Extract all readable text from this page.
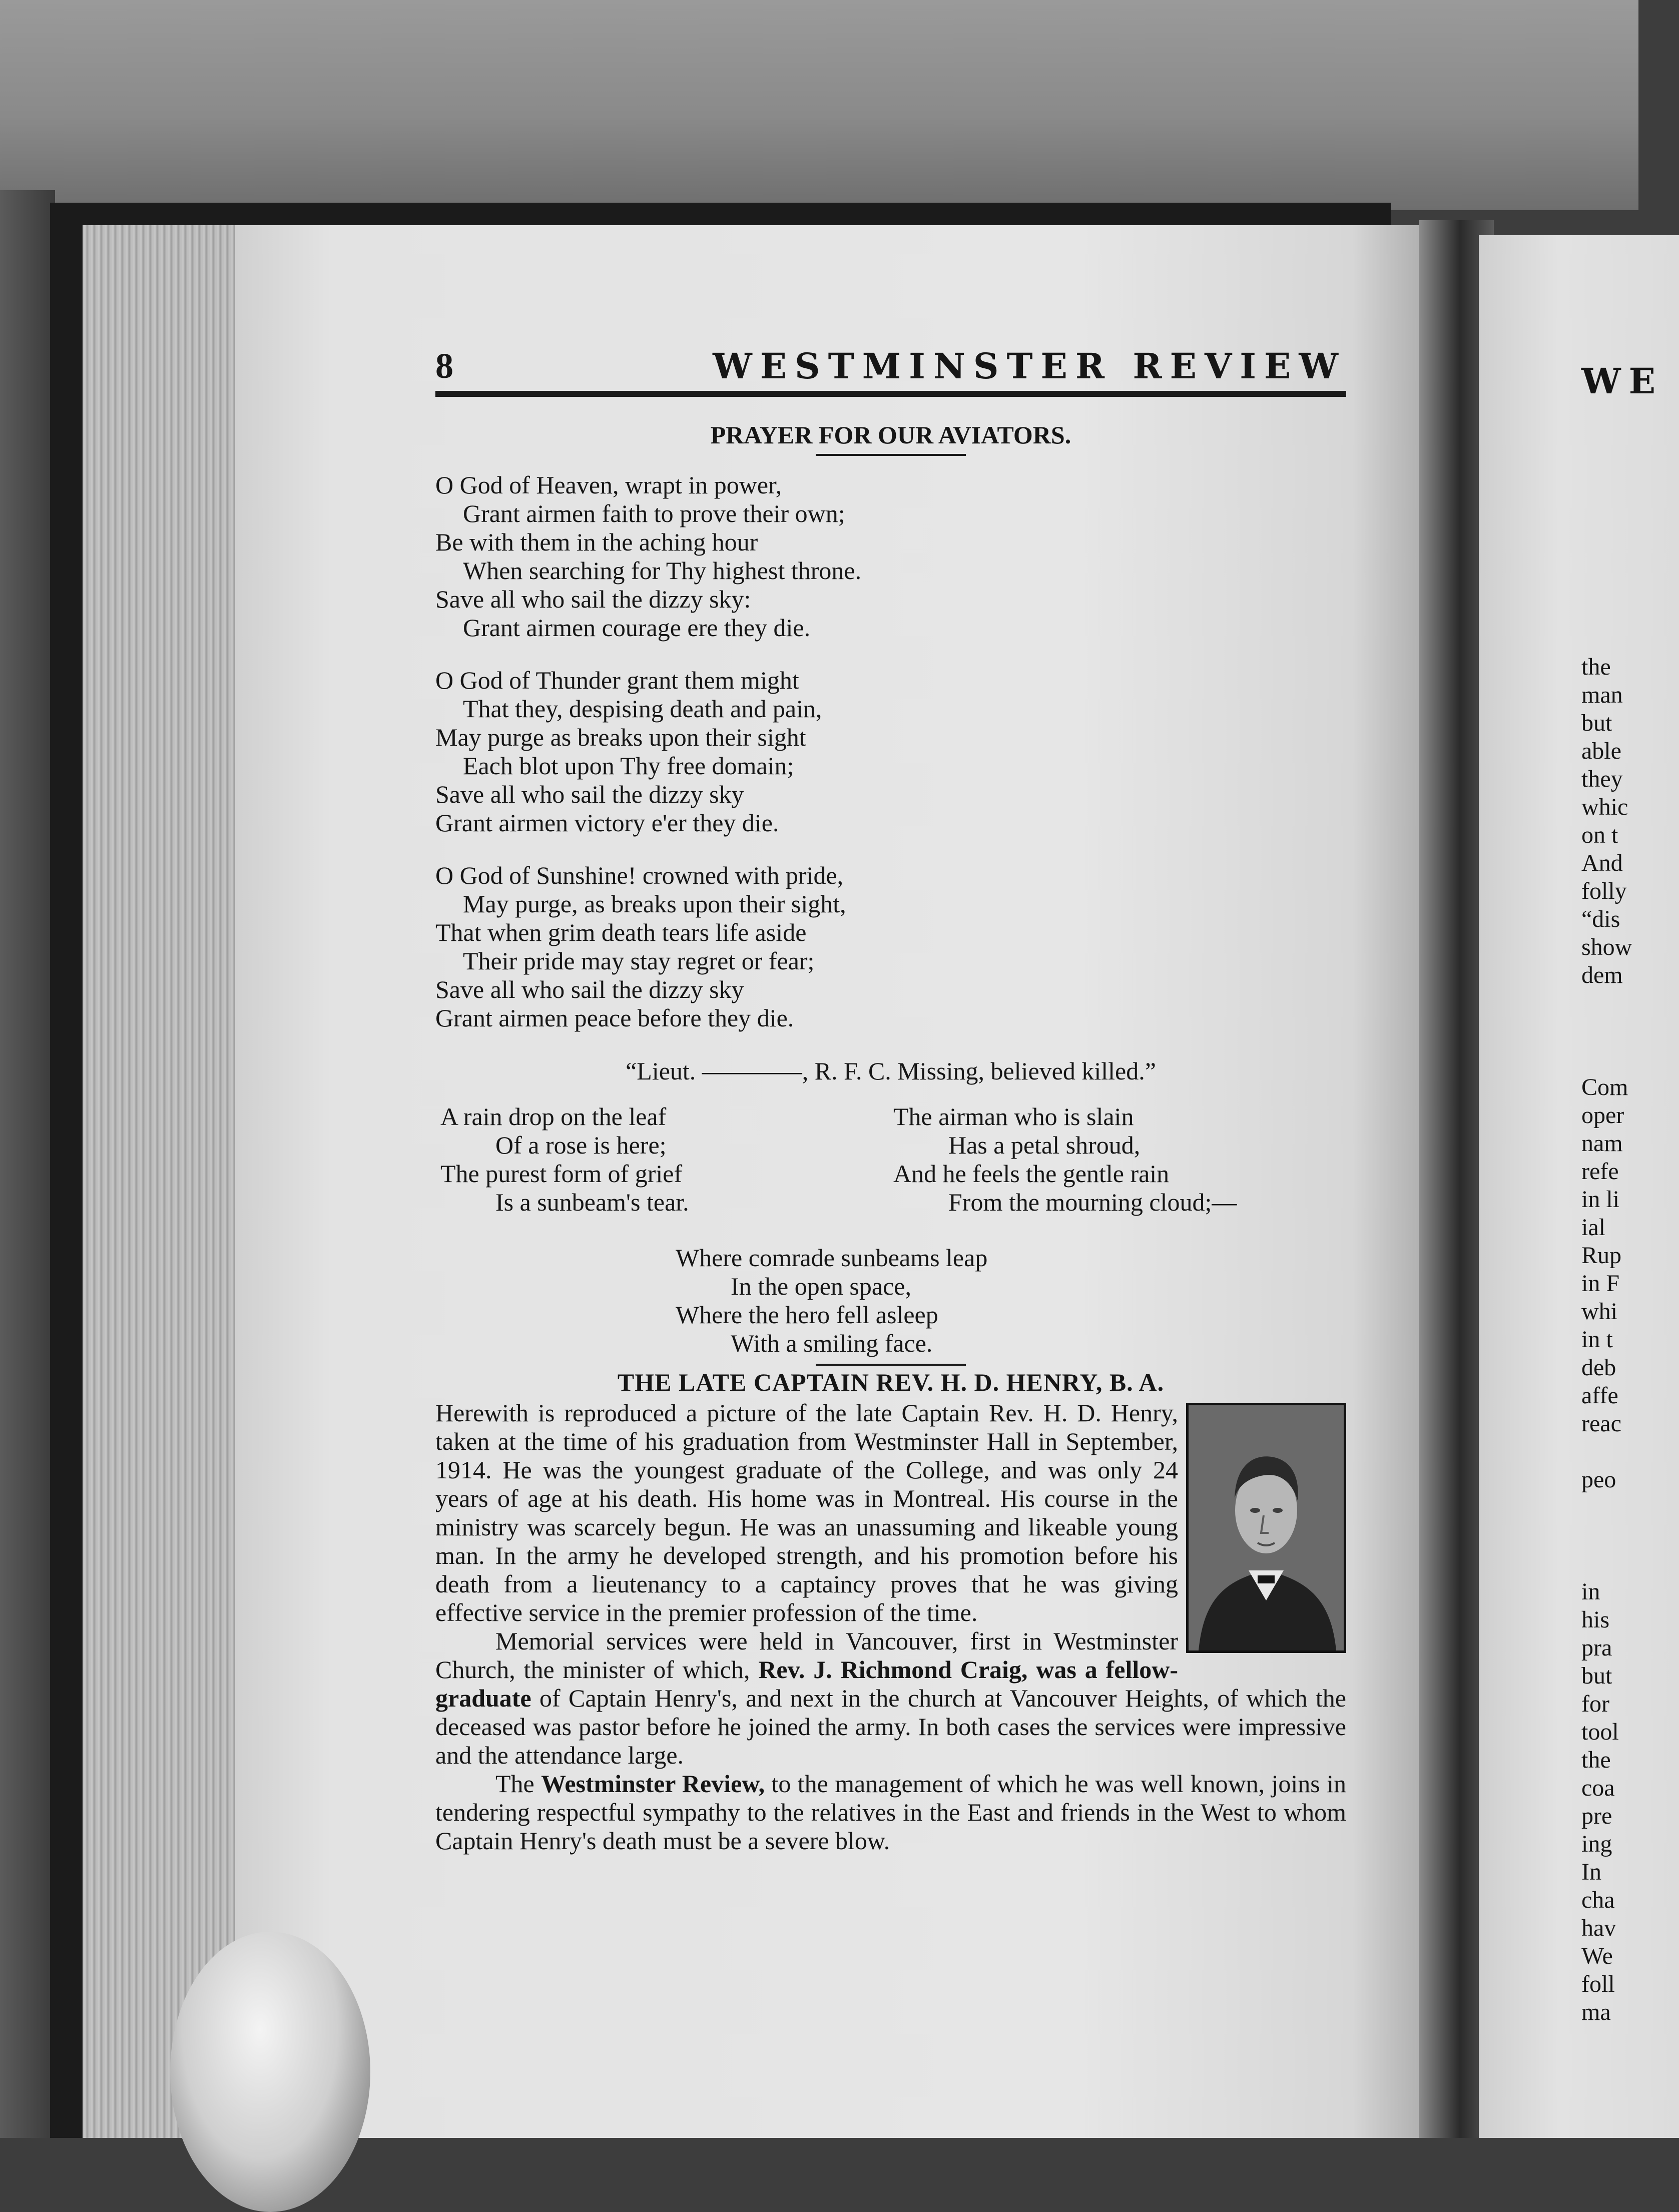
WE
the
man
but
able
they
whic
on t
And
folly
“dis
show
dem

Com
oper
nam
refe
in li
ial
Rup
in F
whi
in t
deb
affe
reac

peo

in
his
pra
but
for
tool
the
coa
pre
ing
In
cha
hav
We
foll
ma
8	WESTMINSTER REVIEW
PRAYER FOR OUR AVIATORS.
O God of Heaven, wrapt in power,
Grant airmen faith to prove their own;
Be with them in the aching hour
When searching for Thy highest throne.
Save all who sail the dizzy sky:
Grant airmen courage ere they die.
O God of Thunder grant them might
That they, despising death and pain,
May purge as breaks upon their sight
Each blot upon Thy free domain;
Save all who sail the dizzy sky
Grant airmen victory e'er they die.
O God of Sunshine! crowned with pride,
May purge, as breaks upon their sight,
That when grim death tears life aside
Their pride may stay regret or fear;
Save all who sail the dizzy sky
Grant airmen peace before they die.
“Lieut. ————, R. F. C. Missing, believed killed.”
A rain drop on the leaf
Of a rose is here;
The purest form of grief
Is a sunbeam's tear.
The airman who is slain
Has a petal shroud,
And he feels the gentle rain
From the mourning cloud;—
Where comrade sunbeams leap
In the open space,
Where the hero fell asleep
With a smiling face.
THE LATE CAPTAIN REV. H. D. HENRY, B. A.

Herewith is reproduced a picture of the late Captain Rev. H. D. Henry, taken at the time of his graduation from Westminster Hall in September, 1914. He was the youngest graduate of the College, and was only 24 years of age at his death. His home was in Montreal. His course in the ministry was scarcely begun. He was an unassuming and likeable young man. In the army he developed strength, and his promotion before his death from a lieutenancy to a captaincy proves that he was giving effective service in the premier profession of the time.

Memorial services were held in Vancouver, first in Westminster Church, the minister of which, Rev. J. Richmond Craig, was a fellow-graduate of Captain Henry's, and next in the church at Vancouver Heights, of which the deceased was pastor before he joined the army. In both cases the services were impressive and the attendance large.

The Westminster Review, to the management of which he was well known, joins in tendering respectful sympathy to the relatives in the East and friends in the West to whom Captain Henry's death must be a severe blow.
